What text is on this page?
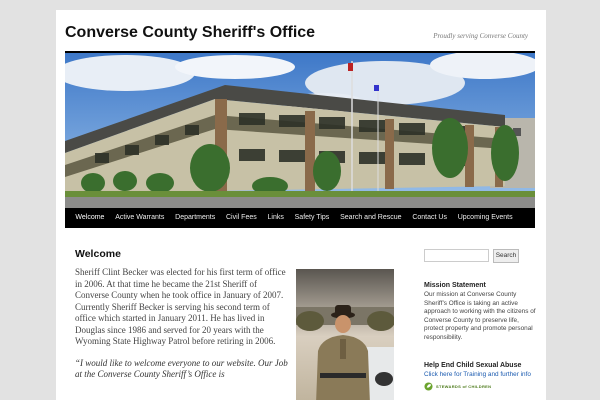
Converse County Sheriff's Office	Proudly serving Converse County
Welcome	Active Warrants	Departments	Civil Fees	Links	Safety Tips	Search and Rescue	Contact Us	Upcoming Events
Welcome

Sheriff Clint Becker was elected for his first term of office in 2006. At that time he became the 21st Sheriff of Converse County when he took office in January of 2007. Currently Sheriff Becker is serving his second term of office which started in January 2011. He has lived in Douglas since 1986 and served for 20 years with the Wyoming State Highway Patrol before retiring in 2006.

“I would like to welcome everyone to our website. Our Job at the Converse County Sheriff’s Office is

Search
Mission Statement

Our mission at Converse County Sheriff’s Office is taking an active approach to working with the citizens of Converse County to preserve life, protect property and promote personal responsibility.

Help End Child Sexual Abuse
Click here for Training and further info
STEWARDS of CHILDREN
